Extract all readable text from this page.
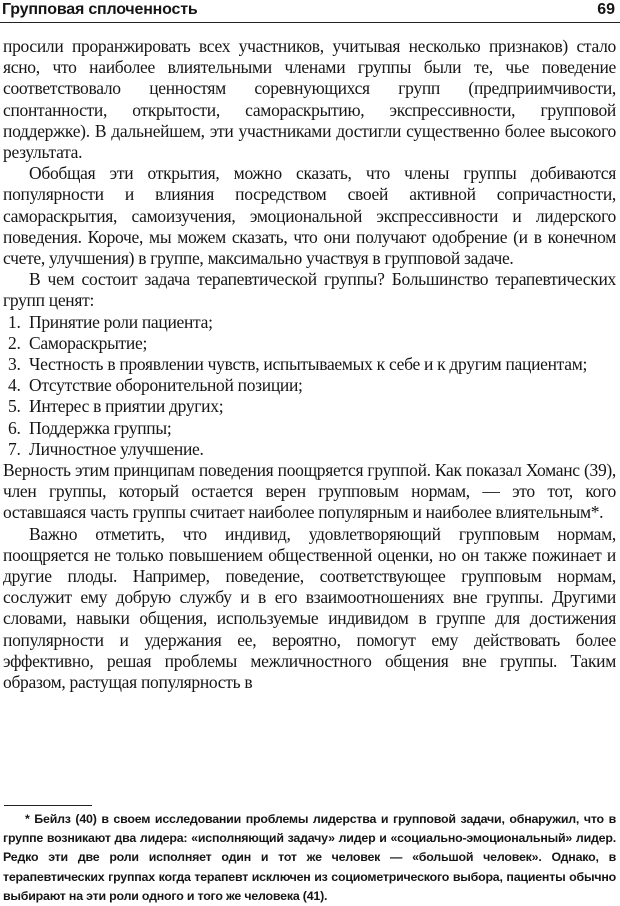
Групповая сплоченность	69

просили проранжировать всех участников, учитывая несколько признаков) стало ясно, что наиболее влиятельными членами группы были те, чье поведение соответствовало ценностям соревнующихся групп (предприимчивости, спонтанности, открытости, самораскрытию, экспрессивности, групповой поддержке). В дальнейшем, эти участниками достигли существенно более высокого результата.

Обобщая эти открытия, можно сказать, что члены группы добиваются популярности и влияния посредством своей активной сопричастности, самораскрытия, самоизучения, эмоциональной экспрессивности и лидерского поведения. Короче, мы можем сказать, что они получают одобрение (и в конечном счете, улучшения) в группе, максимально участвуя в групповой задаче.

В чем состоит задача терапевтической группы? Большинство терапевтических групп ценят:

1. Принятие роли пациента;
2. Самораскрытие;
3. Честность в проявлении чувств, испытываемых к себе и к другим пациентам;
4. Отсутствие оборонительной позиции;
5. Интерес в приятии других;
6. Поддержка группы;
7. Личностное улучшение.

Верность этим принципам поведения поощряется группой. Как показал Хоманс (39), член группы, который остается верен групповым нормам, — это тот, кого оставшаяся часть группы считает наиболее популярным и наиболее влиятельным*.

Важно отметить, что индивид, удовлетворяющий групповым нормам, поощряется не только повышением общественной оценки, но он также пожинает и другие плоды. Например, поведение, соответствующее групповым нормам, сослужит ему добрую службу и в его взаимоотношениях вне группы. Другими словами, навыки общения, используемые индивидом в группе для достижения популярности и удержания ее, вероятно, помогут ему действовать более эффективно, решая проблемы межличностного общения вне группы. Таким образом, растущая популярность в

* Бейлз (40) в своем исследовании проблемы лидерства и групповой задачи, обнаружил, что в группе возникают два лидера: «исполняющий задачу» лидер и «социально-эмоциональный» лидер. Редко эти две роли исполняет один и тот же человек — «большой человек». Однако, в терапевтических группах когда терапевт исключен из социометрического выбора, пациенты обычно выбирают на эти роли одного и того же человека (41).
